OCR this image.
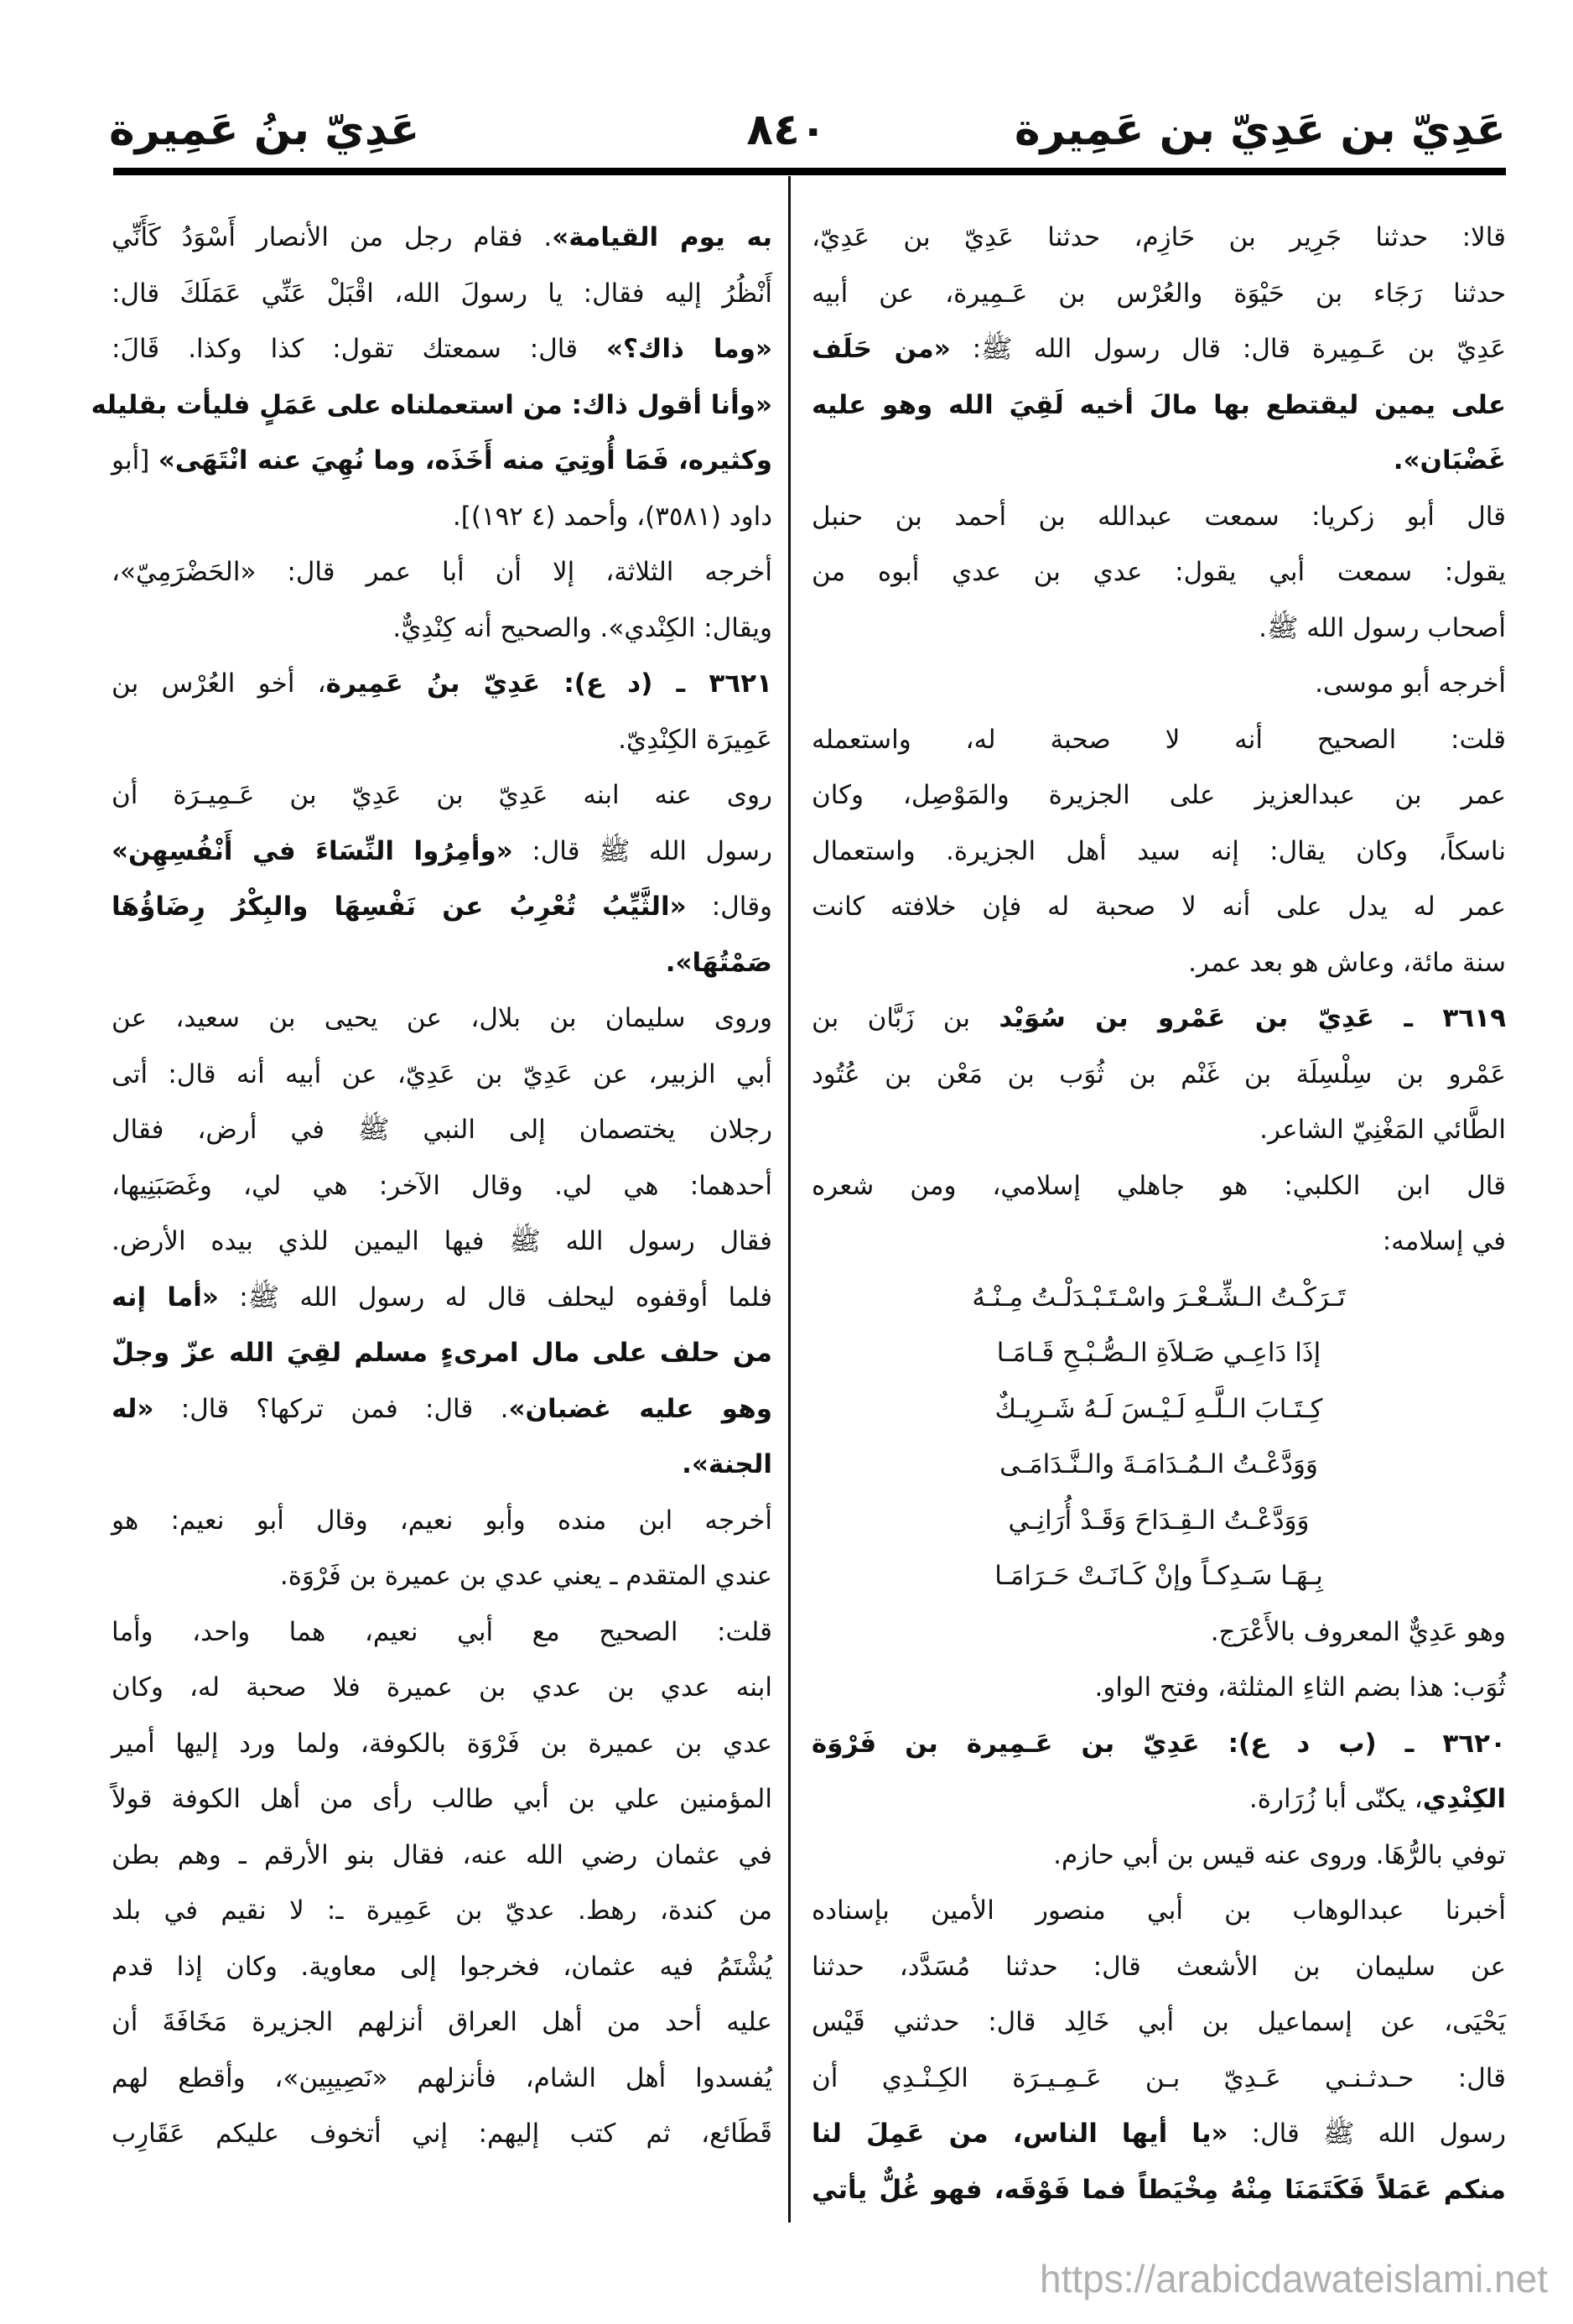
عَدِيّ بن عَدِيّ بن عَمِيرة
٨٤٠
عَدِيّ بنُ عَمِيرة
قالا: حدثنا جَرِير بن حَازِم، حدثنا عَدِيّ بن عَدِيّ،
حدثنا رَجَاء بن حَيْوَة والعُرْس بن عَـمِيرة، عن أبيه
عَدِيّ بن عَـمِيرة قال: قال رسول الله ﷺ: «من حَلَف
على يمين ليقتطع بها مالَ أخيه لَقِيَ الله وهو عليه
غَضْبَان».
قال أبو زكريا: سمعت عبدالله بن أحمد بن حنبل
يقول: سمعت أبي يقول: عدي بن عدي أبوه من
أصحاب رسول الله ﷺ.
أخرجه أبو موسى.
قلت: الصحيح أنه لا صحبة له، واستعمله
عمر بن عبدالعزيز على الجزيرة والمَوْصِل، وكان
ناسكاً، وكان يقال: إنه سيد أهل الجزيرة. واستعمال
عمر له يدل على أنه لا صحبة له فإن خلافته كانت
سنة مائة، وعاش هو بعد عمر.
٣٦١٩ ـ عَدِيّ بن عَمْرو بن سُوَيْد بن زَبَّان بن
عَمْرو بن سِلْسِلَة بن غَنْم بن ثُوَب بن مَعْن بن عُتُود
الطَّائي المَغْنِيّ الشاعر.
قال ابن الكلبي: هو جاهلي إسلامي، ومن شعره
في إسلامه:
تَـرَكْـتُ الـشِّـعْـرَ واسْـتَـبْـدَلْـتُ مِـنْـهُ
إذَا دَاعِـي صَـلاَةِ الـصُّـبْـحِ قَـامَـا
كِـتَـابَ الـلَّـهِ لَـيْـسَ لَـهُ شَـرِيـكٌ
وَوَدَّعْـتُ الـمُـدَامَـةَ والـنَّـدَامَـى
وَوَدَّعْـتُ الـقِـدَاحَ وَقَـدْ أُرَانِـي
بِـهَـا سَـدِكـاً وإنْ كَـانَـتْ حَـرَامَـا
وهو عَدِيٌّ المعروف بالأَعْرَج.
ثُوَب: هذا بضم الثاءِ المثلثة، وفتح الواو.
٣٦٢٠ ـ (ب د ع): عَدِيّ بن عَـمِيرة بن فَرْوَة
الكِنْدِي، يكنّى أبا زُرَارة.
توفي بالرُّهَا. وروى عنه قيس بن أبي حازم.
أخبرنا عبدالوهاب بن أبي منصور الأمين بإسناده
عن سليمان بن الأشعث قال: حدثنا مُسَدَّد، حدثنا
يَحْيَى، عن إسماعيل بن أبي خَالِد قال: حدثني قَيْس
قال: حـدثـنـي عَـدِيّ بـن عَـمِـيـرَة الكِـنْـدِي أن
رسول الله ﷺ قال: «يا أيها الناس، من عَمِلَ لنا
منكم عَمَلاً فَكَتَمَنَا مِنْهُ مِخْيَطاً فما فَوْقَه، فهو غُلٌّ يأتي
به يوم القيامة». فقام رجل من الأنصار أَسْوَدُ كَأَنِّي
أَنْظُرُ إليه فقال: يا رسولَ الله، اقْبَلْ عَنِّي عَمَلَكَ قال:
«وما ذاك؟» قال: سمعتك تقول: كذا وكذا. قَالَ:
«وأنا أقول ذاك: من استعملناه على عَمَلٍ فليأت بقليله
وكثيره، فَمَا أُوتِيَ منه أَخَذَه، وما نُهِيَ عنه انْتَهَى» [أبو
داود (٣٥٨١)، وأحمد (٤ ١٩٢)].
أخرجه الثلاثة، إلا أن أبا عمر قال: «الحَضْرَمِيّ»،
ويقال: الكِنْدي». والصحيح أنه كِنْدِيٌّ.
٣٦٢١ ـ (د ع): عَدِيّ بنُ عَمِيرة، أخو العُرْس بن
عَمِيرَة الكِنْدِيّ.
روى عنه ابنه عَدِيّ بن عَدِيّ بن عَـمِيـرَة أن
رسول الله ﷺ قال: «وأمِرُوا النِّسَاءَ في أَنْفُسِهِن»
وقال: «الثَّيِّبُ تُعْرِبُ عن نَفْسِهَا والبِكْرُ رِضَاؤُهَا
صَمْتُهَا».
وروى سليمان بن بلال، عن يحيى بن سعيد، عن
أبي الزبير، عن عَدِيّ بن عَدِيّ، عن أبيه أنه قال: أتى
رجلان يختصمان إلى النبي ﷺ في أرض، فقال
أحدهما: هي لي. وقال الآخر: هي لي، وغَصَبَنِيها،
فقال رسول الله ﷺ فيها اليمين للذي بيده الأرض.
فلما أوقفوه ليحلف قال له رسول الله ﷺ: «أما إنه
من حلف على مال امرىءٍ مسلم لقِيَ الله عزّ وجلّ
وهو عليه غضبان». قال: فمن تركها؟ قال: «له
الجنة».
أخرجه ابن منده وأبو نعيم، وقال أبو نعيم: هو
عندي المتقدم ـ يعني عدي بن عميرة بن فَرْوَة.
قلت: الصحيح مع أبي نعيم، هما واحد، وأما
ابنه عدي بن عدي بن عميرة فلا صحبة له، وكان
عدي بن عميرة بن فَرْوَة بالكوفة، ولما ورد إليها أمير
المؤمنين علي بن أبي طالب رأى من أهل الكوفة قولاً
في عثمان رضي الله عنه، فقال بنو الأرقم ـ وهم بطن
من كندة، رهط. عديّ بن عَمِيرة ـ: لا نقيم في بلد
يُشْتَمُ فيه عثمان، فخرجوا إلى معاوية. وكان إذا قدم
عليه أحد من أهل العراق أنزلهم الجزيرة مَخَافَةَ أن
يُفسدوا أهل الشام، فأنزلهم «نَصِيبِين»، وأقطع لهم
قَطَائع، ثم كتب إليهم: إني أتخوف عليكم عَقَارِب
https://arabicdawateislami.net
